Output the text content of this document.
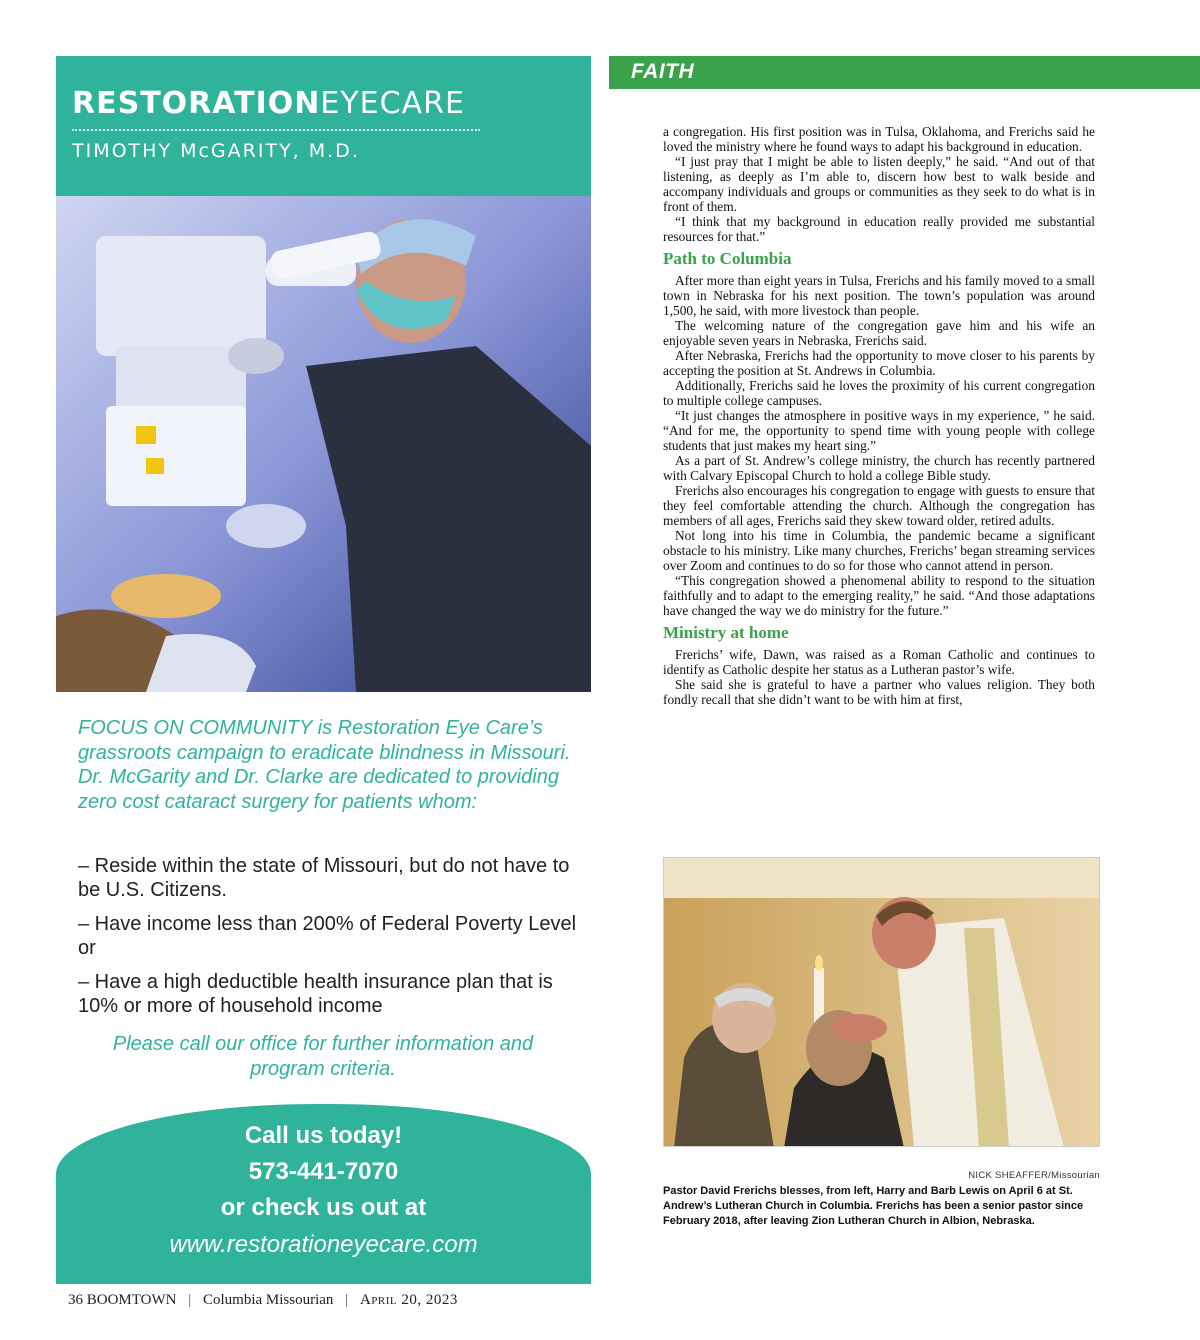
RESTORATIONEYECARE
TIMOTHY McGARITY, M.D.

FOCUS ON COMMUNITY is Restoration Eye Care’s grassroots campaign to eradicate blindness in Missouri. Dr. McGarity and Dr. Clarke are dedicated to providing zero cost cataract surgery for patients whom:

– Reside within the state of Missouri, but do not have to be U.S. Citizens.
– Have income less than 200% of Federal Poverty Level or
– Have a high deductible health insurance plan that is 10% or more of household income

Please call our office for further information and program criteria.

Call us today!
573-441-7070
or check us out at
www.restorationeyecare.com
36 BOOMTOWN | Columbia Missourian | April 20, 2023
FAITH

a congregation. His first position was in Tulsa, Oklahoma, and Frerichs said he loved the ministry where he found ways to adapt his background in education.

“I just pray that I might be able to listen deeply,” he said. “And out of that listening, as deeply as I’m able to, discern how best to walk beside and accompany individuals and groups or communities as they seek to do what is in front of them.

“I think that my background in education really provided me substantial resources for that.”

Path to Columbia

After more than eight years in Tulsa, Frerichs and his family moved to a small town in Nebraska for his next position. The town’s population was around 1,500, he said, with more livestock than people.

The welcoming nature of the congregation gave him and his wife an enjoyable seven years in Nebraska, Frerichs said.

After Nebraska, Frerichs had the opportunity to move closer to his parents by accepting the position at St. Andrews in Columbia.

Additionally, Frerichs said he loves the proximity of his current congregation to multiple college campuses.

“It just changes the atmosphere in positive ways in my experience, ” he said. “And for me, the opportunity to spend time with young people with college students that just makes my heart sing.”

As a part of St. Andrew’s college ministry, the church has recently partnered with Calvary Episcopal Church to hold a college Bible study.

Frerichs also encourages his congregation to engage with guests to ensure that they feel comfortable attending the church. Although the congregation has members of all ages, Frerichs said they skew toward older, retired adults.

Not long into his time in Columbia, the pandemic became a significant obstacle to his ministry. Like many churches, Frerichs’ began streaming services over Zoom and continues to do so for those who cannot attend in person.

“This congregation showed a phenomenal ability to respond to the situation faithfully and to adapt to the emerging reality,” he said. “And those adaptations have changed the way we do ministry for the future.”

Ministry at home

Frerichs’ wife, Dawn, was raised as a Roman Catholic and continues to identify as Catholic despite her status as a Lutheran pastor’s wife.

She said she is grateful to have a partner who values religion. They both fondly recall that she didn’t want to be with him at first,

NICK SHEAFFER/Missourian

Pastor David Frerichs blesses, from left, Harry and Barb Lewis on April 6 at St. Andrew’s Lutheran Church in Columbia. Frerichs has been a senior pastor since February 2018, after leaving Zion Lutheran Church in Albion, Nebraska.
